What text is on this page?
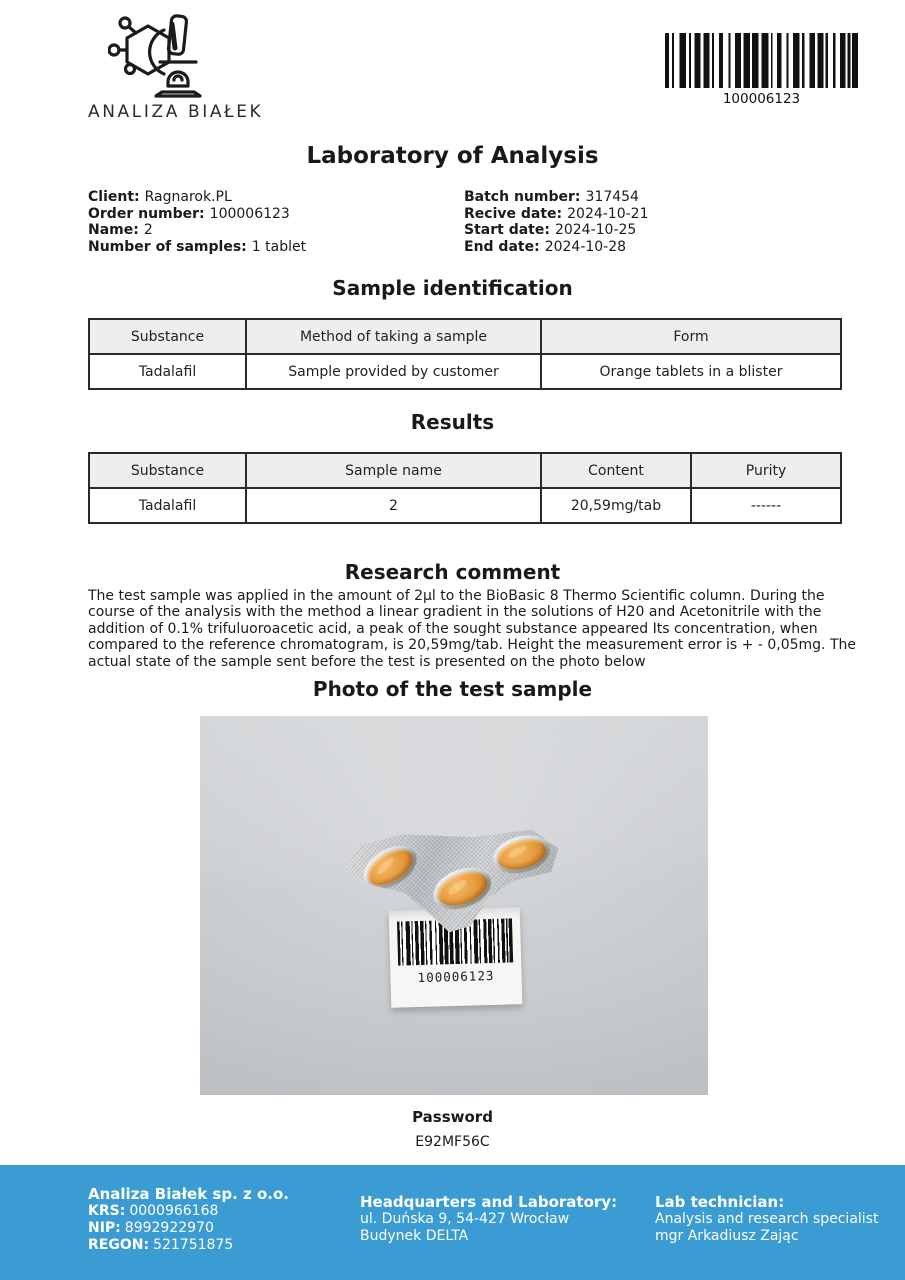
ANALIZA BIAŁEK
100006123
Laboratory of Analysis
Client: Ragnarok.PL
Order number: 100006123
Name: 2
Number of samples: 1 tablet
Batch number: 317454
Recive date: 2024-10-21
Start date: 2024-10-25
End date: 2024-10-28
Sample identification
Substance	Method of taking a sample	Form
Tadalafil	Sample provided by customer	Orange tablets in a blister
Results
Substance	Sample name	Content	Purity
Tadalafil	2	20,59mg/tab	------
Research comment
The test sample was applied in the amount of 2µl to the BioBasic 8 Thermo Scientific column. During the course of the analysis with the method a linear gradient in the solutions of H20 and Acetonitrile with the addition of 0.1% trifuluoroacetic acid, a peak of the sought substance appeared Its concentration, when compared to the reference chromatogram, is 20,59mg/tab. Height the measurement error is + - 0,05mg. The actual state of the sample sent before the test is presented on the photo below
Photo of the test sample
100006123
Password
E92MF56C
Analiza Białek sp. z o.o.
KRS: 0000966168
NIP: 8992922970
REGON: 521751875
Headquarters and Laboratory:
ul. Duńska 9, 54-427 Wrocław
Budynek DELTA
Lab technician:
Analysis and research specialist
mgr Arkadiusz Zając
